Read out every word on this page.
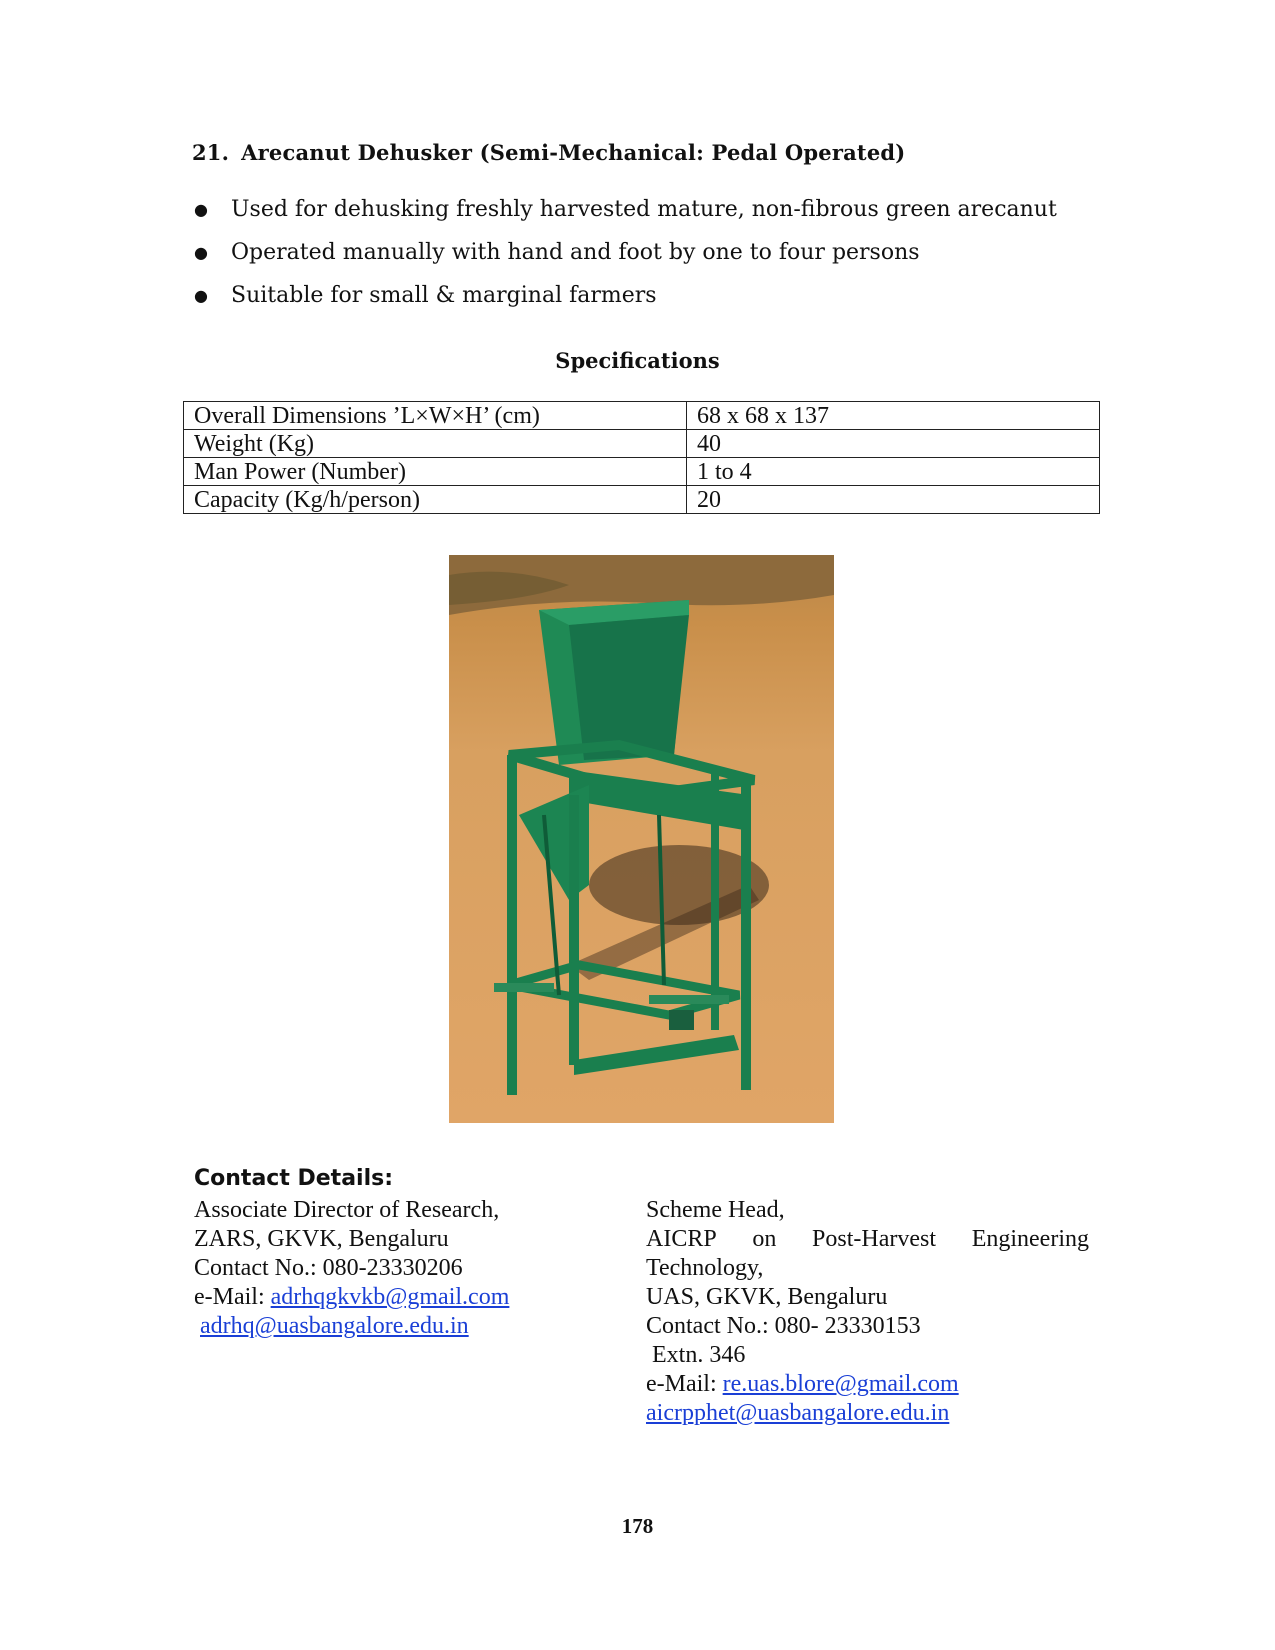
21. Arecanut Dehusker (Semi-Mechanical: Pedal Operated)
●	Used for dehusking freshly harvested mature, non-fibrous green arecanut
●	Operated manually with hand and foot by one to four persons
●	Suitable for small & marginal farmers
Specifications
Overall Dimensions ’L×W×H’ (cm)	68 x 68 x 137
Weight (Kg)	40
Man Power (Number)	1 to 4
Capacity (Kg/h/person)	20
Contact Details:
Associate Director of Research,
ZARS, GKVK, Bengaluru
Contact No.: 080-23330206
e-Mail: adrhqgkvkb@gmail.com
adrhq@uasbangalore.edu.in
Scheme Head,
AICRP on Post-Harvest Engineering
Technology,
UAS, GKVK, Bengaluru
Contact No.: 080- 23330153
Extn. 346
e-Mail: re.uas.blore@gmail.com
aicrpphet@uasbangalore.edu.in
178
